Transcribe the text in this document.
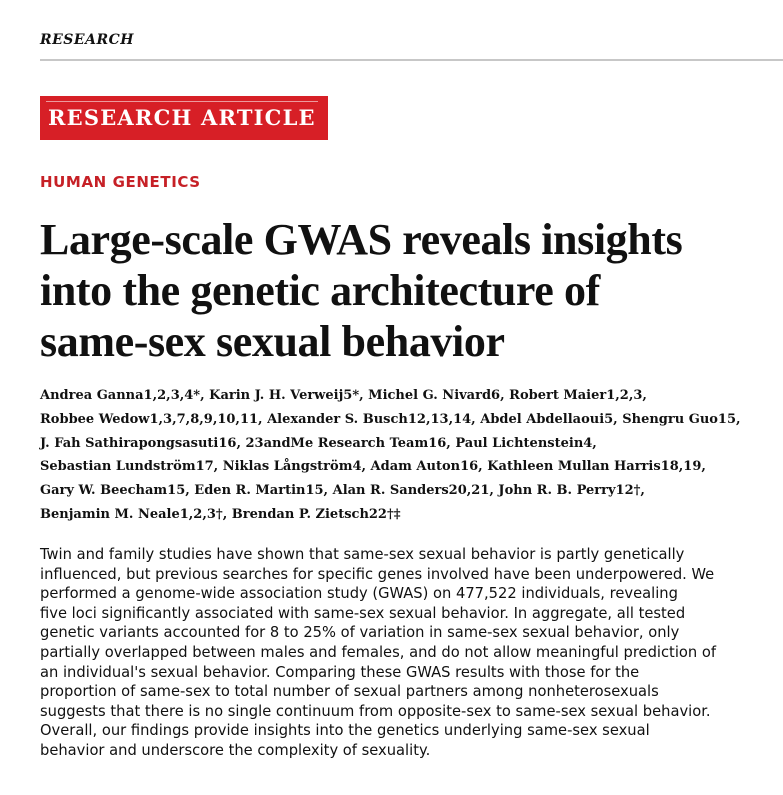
RESEARCH
RESEARCH ARTICLE
HUMAN GENETICS
Large-scale GWAS reveals insights
into the genetic architecture of
same-sex sexual behavior
Andrea Ganna1,2,3,4*, Karin J. H. Verweij5*, Michel G. Nivard6, Robert Maier1,2,3,
Robbee Wedow1,3,7,8,9,10,11, Alexander S. Busch12,13,14, Abdel Abdellaoui5, Shengru Guo15,
J. Fah Sathirapongsasuti16, 23andMe Research Team16, Paul Lichtenstein4,
Sebastian Lundström17, Niklas Långström4, Adam Auton16, Kathleen Mullan Harris18,19,
Gary W. Beecham15, Eden R. Martin15, Alan R. Sanders20,21, John R. B. Perry12†,
Benjamin M. Neale1,2,3†, Brendan P. Zietsch22†‡
Twin and family studies have shown that same-sex sexual behavior is partly genetically
influenced, but previous searches for specific genes involved have been underpowered. We
performed a genome-wide association study (GWAS) on 477,522 individuals, revealing
five loci significantly associated with same-sex sexual behavior. In aggregate, all tested
genetic variants accounted for 8 to 25% of variation in same-sex sexual behavior, only
partially overlapped between males and females, and do not allow meaningful prediction of
an individual's sexual behavior. Comparing these GWAS results with those for the
proportion of same-sex to total number of sexual partners among nonheterosexuals
suggests that there is no single continuum from opposite-sex to same-sex sexual behavior.
Overall, our findings provide insights into the genetics underlying same-sex sexual
behavior and underscore the complexity of sexuality.
